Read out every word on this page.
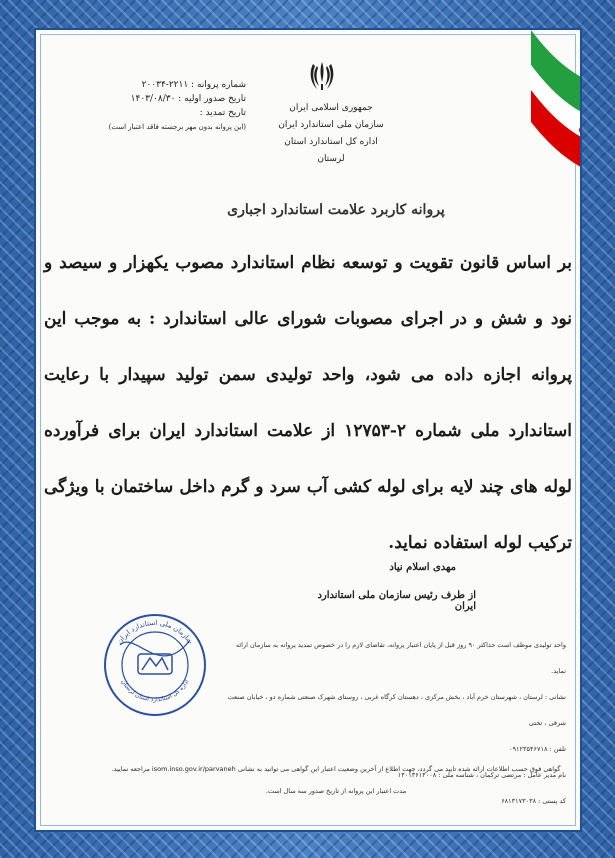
شماره پروانه : ۲۲۱۱-۲۰۰۳۴
تاریخ صدور اولیه : ۱۴۰۳/۰۸/۳۰
تاریخ تمدید :
(این پروانه بدون مهر برجسته فاقد اعتبار است)
جمهوری اسلامی ایران
سازمان ملی استاندارد ایران
اداره کل استاندارد استان لرستان
پروانه کاربرد علامت استاندارد اجباری
بر اساس قانون تقویت و توسعه نظام استاندارد مصوب یکهزار و سیصد و نود و شش و در اجرای مصوبات شورای عالی استاندارد : به موجب این پروانه اجازه داده می شود، واحد تولیدی سمن تولید سپیدار با رعایت استاندارد ملی شماره ۲-۱۲۷۵۳ از علامت استاندارد ایران برای فرآورده لوله های چند لایه برای لوله کشی آب سرد و گرم داخل ساختمان با ویژگی ترکیب لوله استفاده نماید.
مهدی اسلام نیاد
از طرف رئیس سازمان ملی استاندارد ایران
سازمان ملی استاندارد ایران
اداره کل استاندارد استان لرستان
واحد تولیدی موظف است حداکثر ۹۰ روز قبل از پایان اعتبار پروانه، تقاضای لازم را در خصوص تمدید پروانه به سازمان ارائه نماید.
نشانی : لرستان ، شهرستان خرم آباد ، بخش مرکزی ، دهستان کرگاه غربی ، روستای شهرک صنعتی شماره دو ، خیابان صنعت شرقی ، تختی
تلفن : ۰۹۱۲۳۵۴۶۷۱۸
نام مدیر عامل : مرتضی ترکمان ، شناسه ملی : ۱۴۰۱۳۶۱۴۰۰۸
کد پستی : ۶۸۱۳۱۷۳۰۳۸
گواهی فوق حسب اطلاعات ارائه شده تایید می گردد، جهت اطلاع از آخرین وضعیت اعتبار این گواهی می توانید به نشانی isom.inso.gov.ir/parvaneh مراجعه نمایید.
مدت اعتبار این پروانه از تاریخ صدور سه سال است.
